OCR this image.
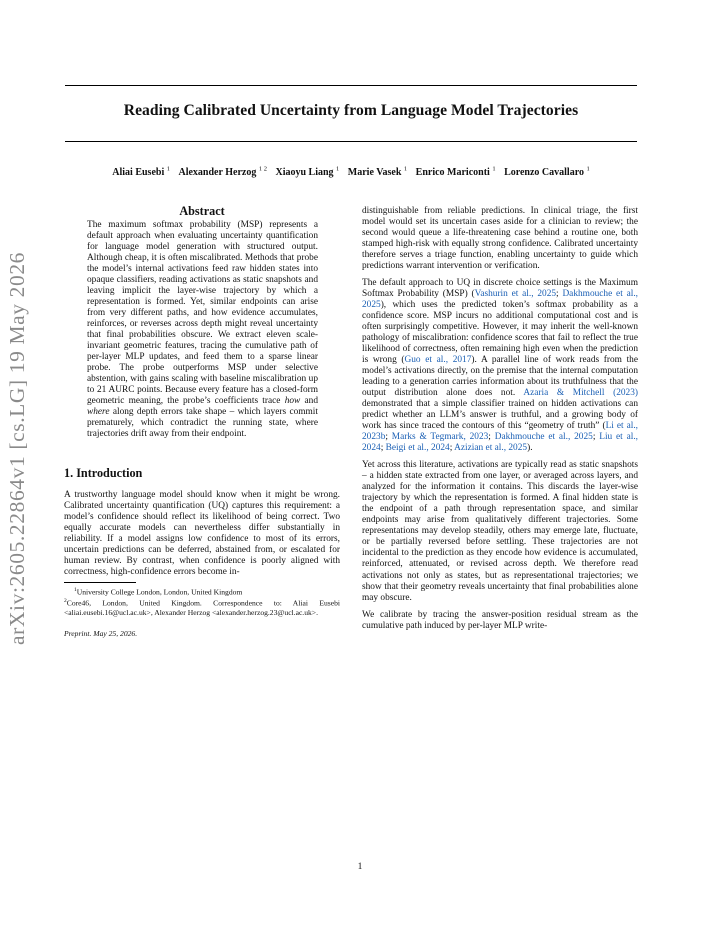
Reading Calibrated Uncertainty from Language Model Trajectories
Aliai Eusebi $^1$ Alexander Herzog $^{1 2}$ Xiaoyu Liang $^1$ Marie Vasek $^1$ Enrico Mariconti $^1$ Lorenzo Cavallaro $^1$
arXiv:2605.22864v1 [cs.LG] 19 May 2026
Abstract

The maximum softmax probability (MSP) represents a default approach when evaluating uncertainty quantification for language model generation with structured output. Although cheap, it is often miscalibrated. Methods that probe the model’s internal activations feed raw hidden states into opaque classifiers, reading activations as static snapshots and leaving implicit the layer-wise trajectory by which a representation is formed. Yet, similar endpoints can arise from very different paths, and how evidence accumulates, reinforces, or reverses across depth might reveal uncertainty that final probabilities obscure. We extract eleven scale-invariant geometric features, tracing the cumulative path of per-layer MLP updates, and feed them to a sparse linear probe. The probe outperforms MSP under selective abstention, with gains scaling with baseline miscalibration up to 21 AURC points. Because every feature has a closed-form geometric meaning, the probe’s coefficients trace how and where along depth errors take shape – which layers commit prematurely, which contradict the running state, where trajectories drift away from their endpoint.

1. Introduction

A trustworthy language model should know when it might be wrong. Calibrated uncertainty quantification (UQ) captures this requirement: a model’s confidence should reflect its likelihood of being correct. Two equally accurate models can nevertheless differ substantially in reliability. If a model assigns low confidence to most of its errors, uncertain predictions can be deferred, abstained from, or escalated for human review. By contrast, when confidence is poorly aligned with correctness, high-confidence errors become in-

$^1$University College London, London, United Kingdom
$^2$Core46, London, United Kingdom. Correspondence to: Aliai Eusebi <aliai.eusebi.16@ucl.ac.uk>, Alexander Herzog <alexander.herzog.23@ucl.ac.uk>.
Preprint. May 25, 2026.

distinguishable from reliable predictions. In clinical triage, the first model would set its uncertain cases aside for a clinician to review; the second would queue a life-threatening case behind a routine one, both stamped high-risk with equally strong confidence. Calibrated uncertainty therefore serves a triage function, enabling uncertainty to guide which predictions warrant intervention or verification.

The default approach to UQ in discrete choice settings is the Maximum Softmax Probability (MSP) (Vashurin et al., 2025; Dakhmouche et al., 2025), which uses the predicted token’s softmax probability as a confidence score. MSP incurs no additional computational cost and is often surprisingly competitive. However, it may inherit the well-known pathology of miscalibration: confidence scores that fail to reflect the true likelihood of correctness, often remaining high even when the prediction is wrong (Guo et al., 2017). A parallel line of work reads from the model’s activations directly, on the premise that the internal computation leading to a generation carries information about its truthfulness that the output distribution alone does not. Azaria & Mitchell (2023) demonstrated that a simple classifier trained on hidden activations can predict whether an LLM’s answer is truthful, and a growing body of work has since traced the contours of this “geometry of truth” (Li et al., 2023b; Marks & Tegmark, 2023; Dakhmouche et al., 2025; Liu et al., 2024; Beigi et al., 2024; Azizian et al., 2025).

Yet across this literature, activations are typically read as static snapshots – a hidden state extracted from one layer, or averaged across layers, and analyzed for the information it contains. This discards the layer-wise trajectory by which the representation is formed. A final hidden state is the endpoint of a path through representation space, and similar endpoints may arise from qualitatively different trajectories. Some representations may develop steadily, others may emerge late, fluctuate, or be partially reversed before settling. These trajectories are not incidental to the prediction as they encode how evidence is accumulated, reinforced, attenuated, or revised across depth. We therefore read activations not only as states, but as representational trajectories; we show that their geometry reveals uncertainty that final probabilities alone may obscure.

We calibrate by tracing the answer-position residual stream as the cumulative path induced by per-layer MLP write-

1
